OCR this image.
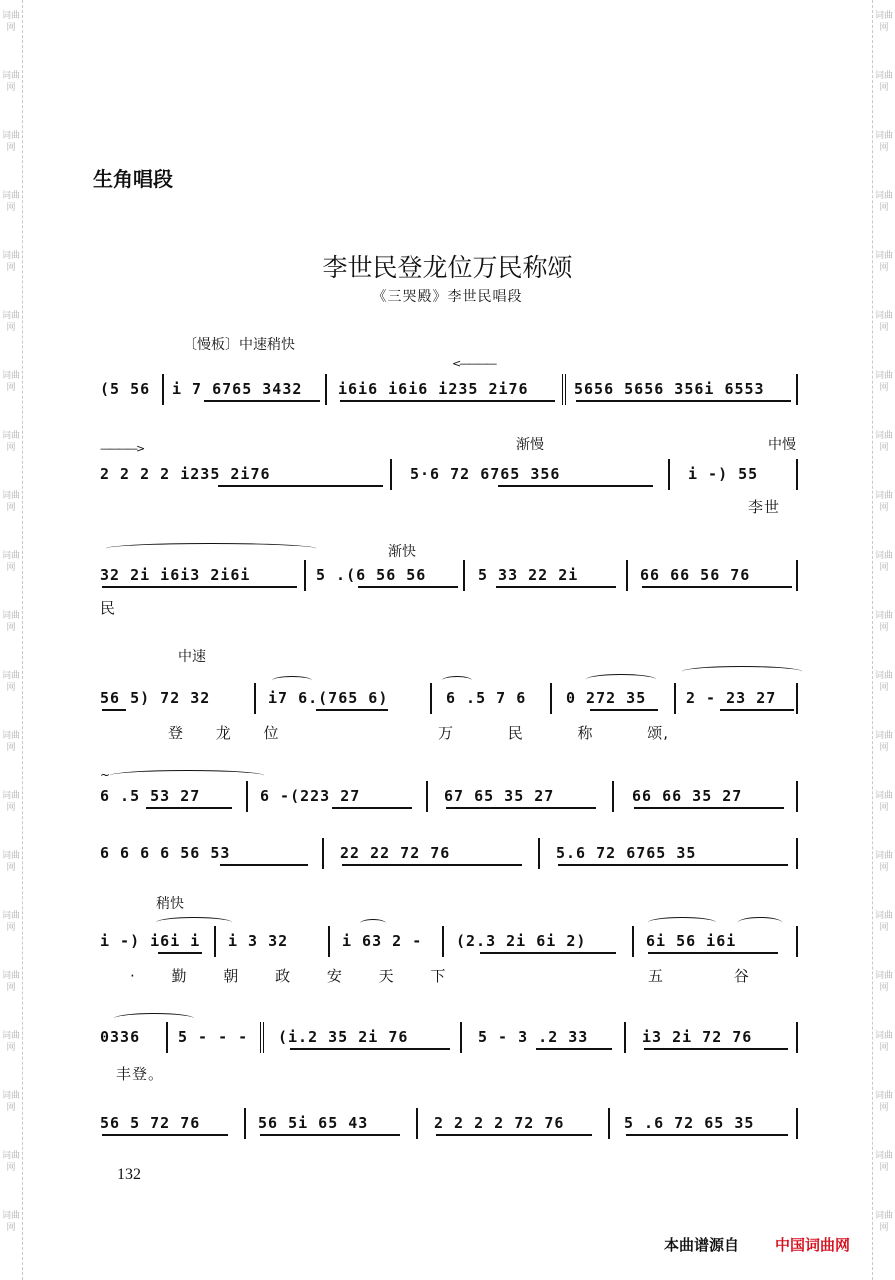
词曲网
词曲网
词曲网
词曲网
词曲网
词曲网
词曲网
词曲网
词曲网
词曲网
词曲网
词曲网
词曲网
词曲网
词曲网
词曲网
词曲网
词曲网
词曲网
词曲网
词曲网
词曲网
词曲网
词曲网
词曲网
词曲网
词曲网
词曲网
词曲网
词曲网
词曲网
词曲网
词曲网
词曲网
词曲网
词曲网
词曲网
词曲网
词曲网
词曲网
词曲网
词曲网
生角唱段
李世民登龙位万民称颂
《三哭殿》李世民唱段
〔慢板〕中速稍快
<————
(5 56 i 7 6765 3432 i6i6 i6i6 i235 2i76	5656 5656 356i 6553
————>	渐慢	中慢
2 2 2 2 i235 2i76	5·6 72 6765 356	i -) 55
李世
渐快
32 2i i6i3 2i6i	5 .(6 56 56	5 33 22 2i	66 66 56 76
民
中速
56 5) 72 32	i7 6.(765 6)	6 .5 7 6	0 272 35	2 - 23 27
登 龙 位	万 民 称 颂,
~
6 .5 53 27	6 -(223 27	67 65 35 27	66 66 35 27
6 6 6 6 56 53	22 22 72 76	5.6 72 6765 35
稍快
i -) i6i i i 3 32	i 63 2 - (2.3 2i 6i 2)	6i 56 i6i
· 勤 朝 政 安 天 下	五 谷
0336	5 - - - (i.2 35 2i 76	5 - 3 .2 33	i3 2i 72 76
丰登。
56 5 72 76	56 5i 65 43	2 2 2 2 72 76	5 .6 72 65 35
132
本曲谱源自 中国词曲网
